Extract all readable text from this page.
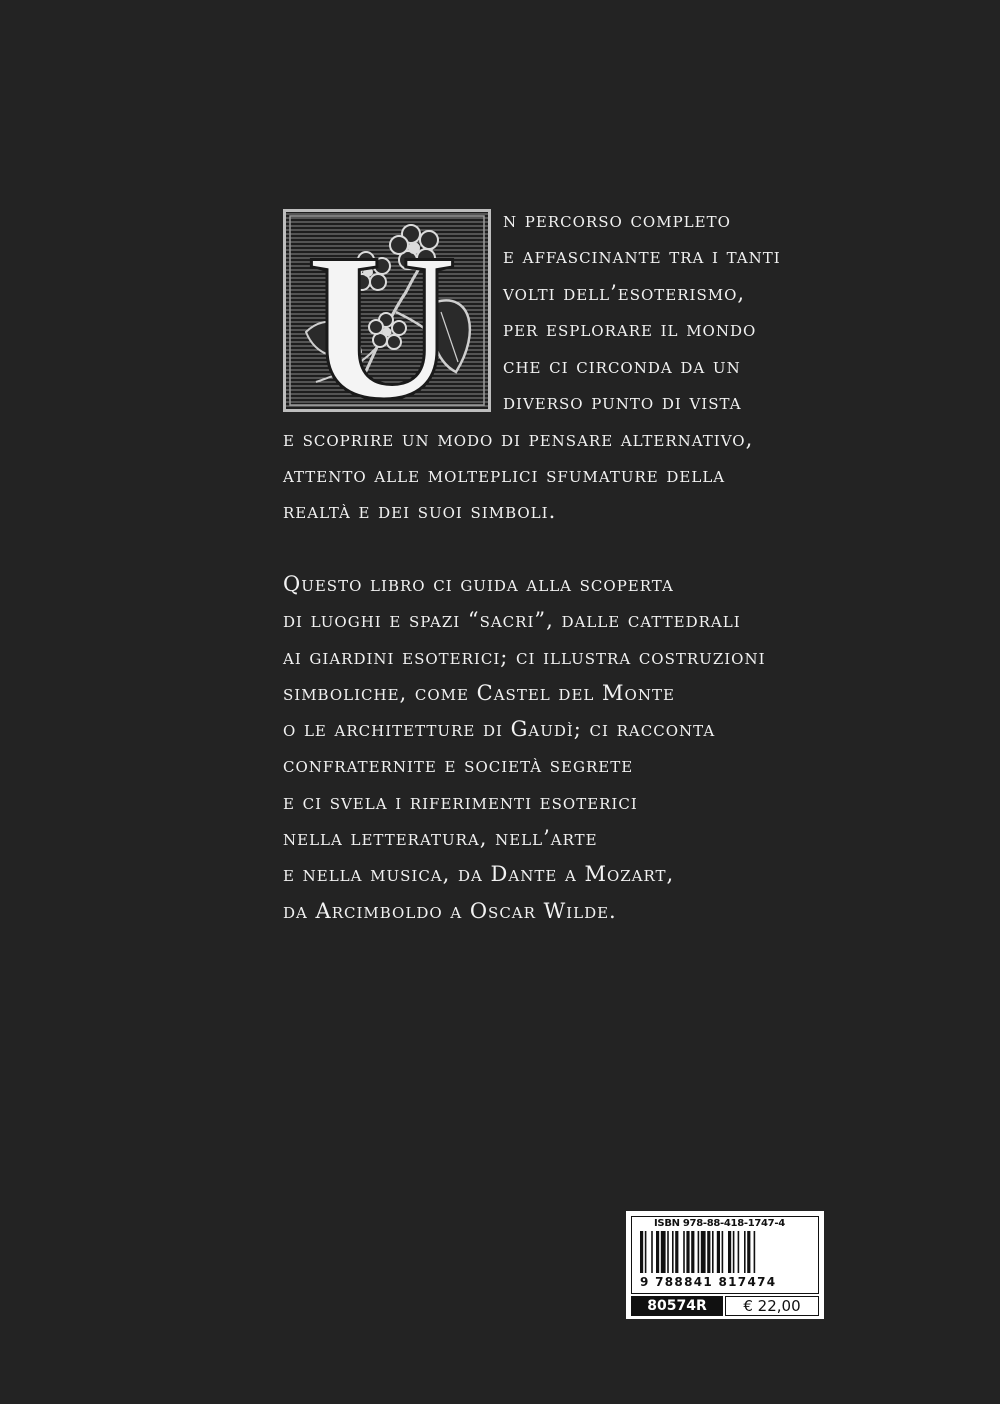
U n percorso completo
e affascinante tra i tanti
volti dell’esoterismo,
per esplorare il mondo
che ci circonda da un
diverso punto di vista
e scoprire un modo di pensare alternativo,
attento alle molteplici sfumature della
realtà e dei suoi simboli.
Questo libro ci guida alla scoperta
di luoghi e spazi “sacri”, dalle cattedrali
ai giardini esoterici; ci illustra costruzioni
simboliche, come Castel del Monte
o le architetture di Gaudì; ci racconta
confraternite e società segrete
e ci svela i riferimenti esoterici
nella letteratura, nell’arte
e nella musica, da Dante a Mozart,
da Arcimboldo a Oscar Wilde.
ISBN 978-88-418-1747-4
9 788841 817474
80574R	€ 22,00
